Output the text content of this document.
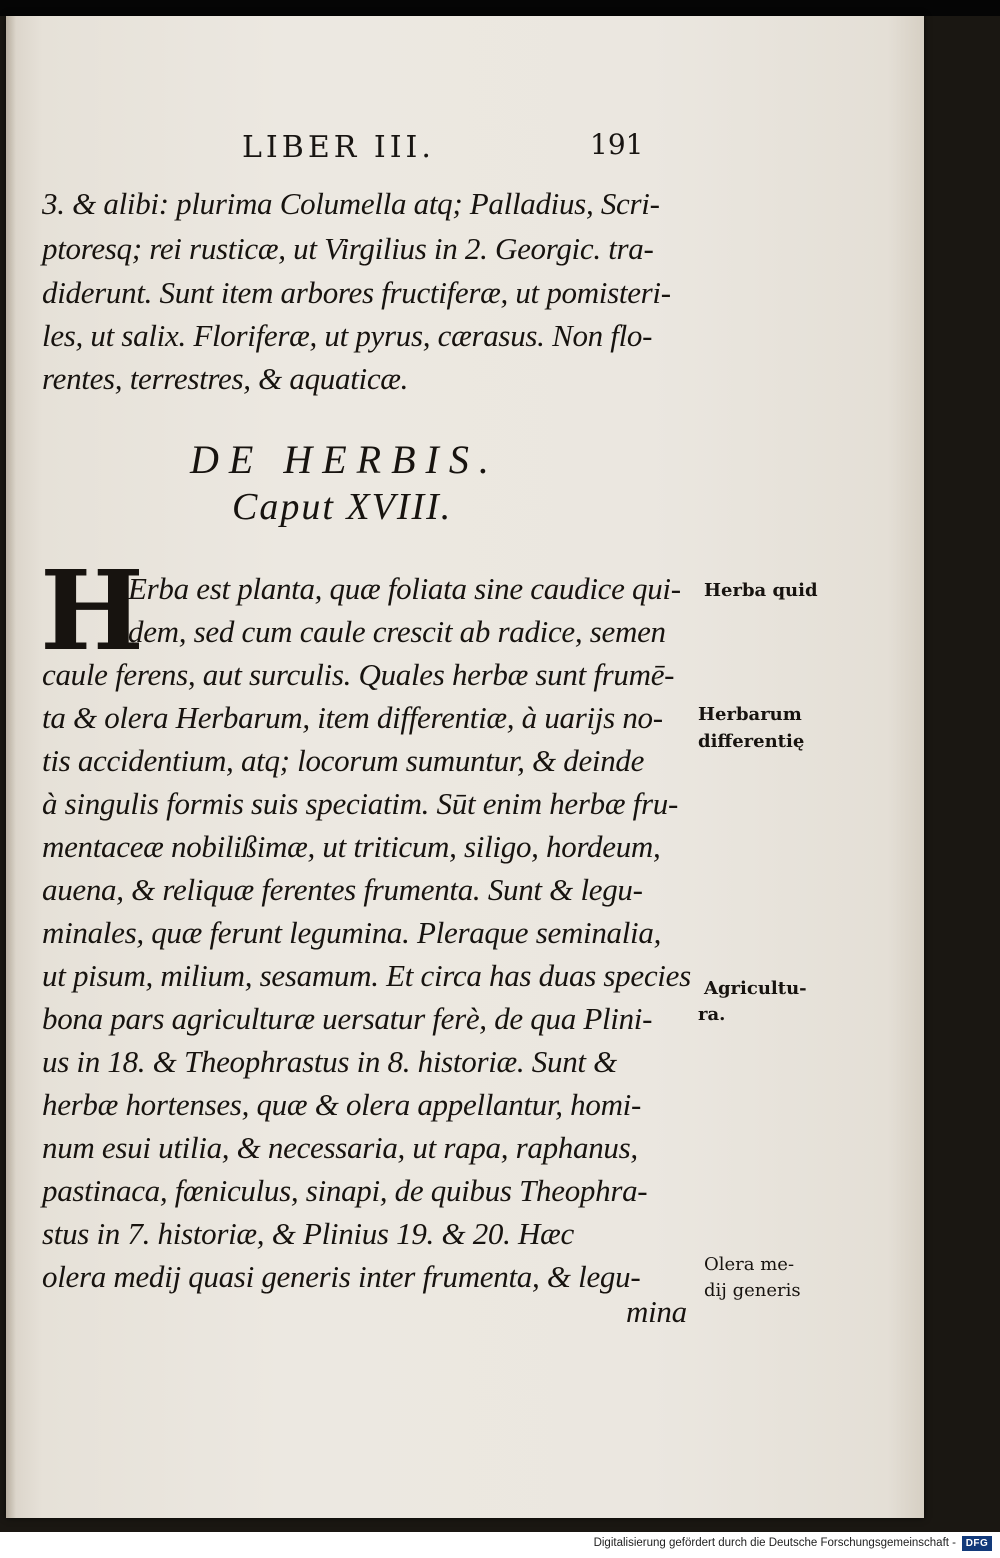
LIBER III.	191
3. & alibi: plurima Columella atq; Palladius, Scri-
ptoresq; rei rusticæ, ut Virgilius in 2. Georgic. tra-
diderunt. Sunt item arbores fructiferæ, ut pomisteri-
les, ut salix. Floriferæ, ut pyrus, cærasus. Non flo-
rentes, terrestres, & aquaticæ.
DE HERBIS.
Caput XVIII.
H
Erba est planta, quæ foliata sine caudice qui-
dem, sed cum caule crescit ab radice, semen
caule ferens, aut surculis. Quales herbæ sunt frumē-
ta & olera Herbarum, item differentiæ, à uarijs no-
tis accidentium, atq; locorum sumuntur, & deinde
à singulis formis suis speciatim. Sūt enim herbæ fru-
mentaceæ nobilißimæ, ut triticum, siligo, hordeum,
auena, & reliquæ ferentes frumenta. Sunt & legu-
minales, quæ ferunt legumina. Pleraque seminalia,
ut pisum, milium, sesamum. Et circa has duas species
bona pars agriculturæ uersatur ferè, de qua Plini-
us in 18. & Theophrastus in 8. historiæ. Sunt &
herbæ hortenses, quæ & olera appellantur, homi-
num esui utilia, & necessaria, ut rapa, raphanus,
pastinaca, fœniculus, sinapi, de quibus Theophra-
stus in 7. historiæ, & Plinius 19. & 20. Hæc
olera medij quasi generis inter frumenta, & legu-
mina
Herba quid
Herbarum
differentię
Agricultu-
ra.
Olera me-
dij generis
Digitalisierung gefördert durch die Deutsche Forschungsgemeinschaft - DFG
